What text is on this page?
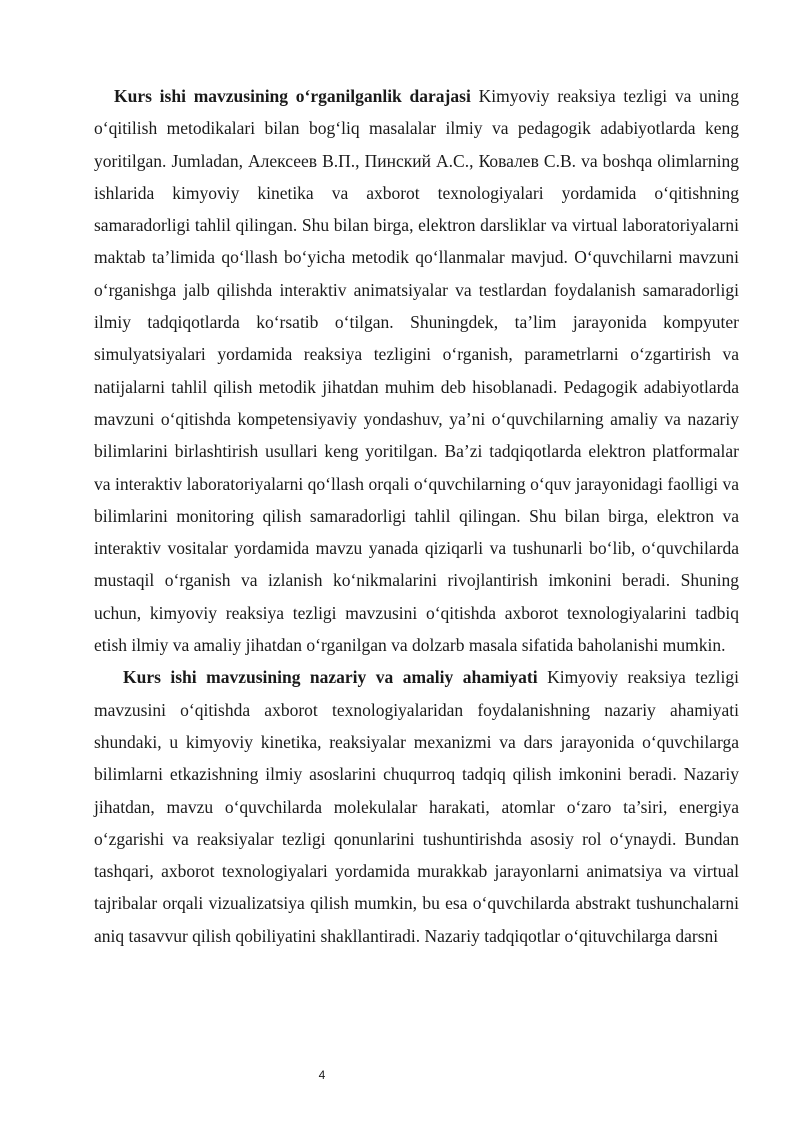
Kurs ishi mavzusining o‘rganilganlik darajasi Kimyoviy reaksiya tezligi va uning o‘qitilish metodikalari bilan bog‘liq masalalar ilmiy va pedagogik adabiyotlarda keng yoritilgan. Jumladan, Алексеев В.П., Пинский А.С., Ковалев С.В. va boshqa olimlarning ishlarida kimyoviy kinetika va axborot texnologiyalari yordamida o‘qitishning samaradorligi tahlil qilingan. Shu bilan birga, elektron darsliklar va virtual laboratoriyalarni maktab ta’limida qo‘llash bo‘yicha metodik qo‘llanmalar mavjud. O‘quvchilarni mavzuni o‘rganishga jalb qilishda interaktiv animatsiyalar va testlardan foydalanish samaradorligi ilmiy tadqiqotlarda ko‘rsatib o‘tilgan. Shuningdek, ta’lim jarayonida kompyuter simulyatsiyalari yordamida reaksiya tezligini o‘rganish, parametrlarni o‘zgartirish va natijalarni tahlil qilish metodik jihatdan muhim deb hisoblanadi. Pedagogik adabiyotlarda mavzuni o‘qitishda kompetensiyaviy yondashuv, ya’ni o‘quvchilarning amaliy va nazariy bilimlarini birlashtirish usullari keng yoritilgan. Ba’zi tadqiqotlarda elektron platformalar va interaktiv laboratoriyalarni qo‘llash orqali o‘quvchilarning o‘quv jarayonidagi faolligi va bilimlarini monitoring qilish samaradorligi tahlil qilingan. Shu bilan birga, elektron va interaktiv vositalar yordamida mavzu yanada qiziqarli va tushunarli bo‘lib, o‘quvchilarda mustaqil o‘rganish va izlanish ko‘nikmalarini rivojlantirish imkonini beradi. Shuning uchun, kimyoviy reaksiya tezligi mavzusini o‘qitishda axborot texnologiyalarini tadbiq etish ilmiy va amaliy jihatdan o‘rganilgan va dolzarb masala sifatida baholanishi mumkin.

Kurs ishi mavzusining nazariy va amaliy ahamiyati Kimyoviy reaksiya tezligi mavzusini o‘qitishda axborot texnologiyalaridan foydalanishning nazariy ahamiyati shundaki, u kimyoviy kinetika, reaksiyalar mexanizmi va dars jarayonida o‘quvchilarga bilimlarni etkazishning ilmiy asoslarini chuqurroq tadqiq qilish imkonini beradi. Nazariy jihatdan, mavzu o‘quvchilarda molekulalar harakati, atomlar o‘zaro ta’siri, energiya o‘zgarishi va reaksiyalar tezligi qonunlarini tushuntirishda asosiy rol o‘ynaydi. Bundan tashqari, axborot texnologiyalari yordamida murakkab jarayonlarni animatsiya va virtual tajribalar orqali vizualizatsiya qilish mumkin, bu esa o‘quvchilarda abstrakt tushunchalarni aniq tasavvur qilish qobiliyatini shakllantiradi. Nazariy tadqiqotlar o‘qituvchilarga darsni

4
